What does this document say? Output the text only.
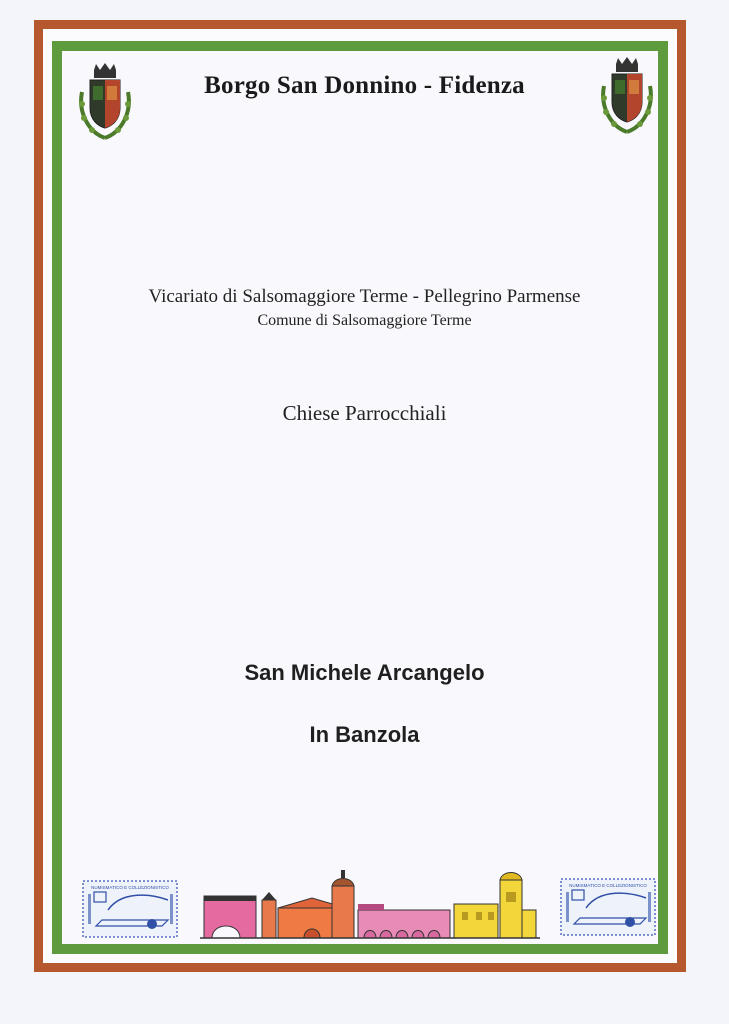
Borgo San Donnino - Fidenza
Vicariato di Salsomaggiore Terme - Pellegrino Parmense
Comune di Salsomaggiore Terme
Chiese Parrocchiali
San Michele Arcangelo
In Banzola
NUMISMATICO E COLLEZIONISTICO	NUMISMATICO E COLLEZIONISTICO
